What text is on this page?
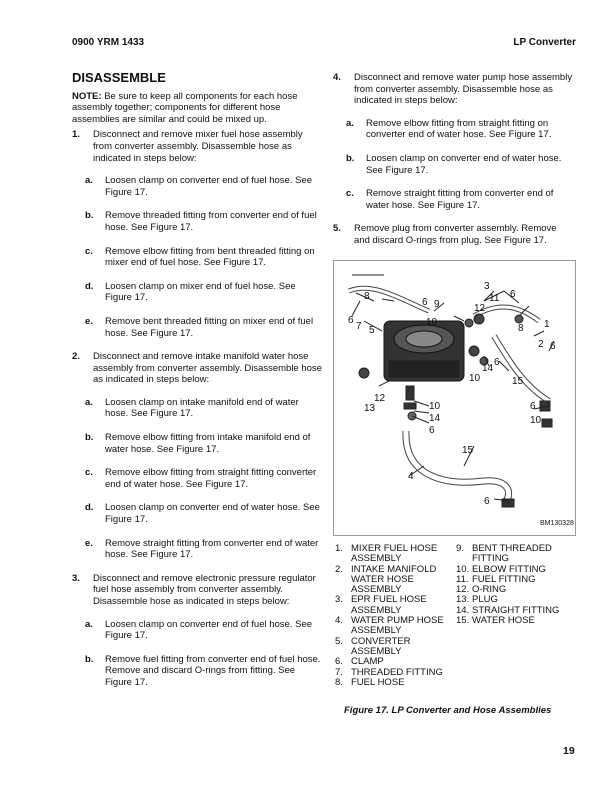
0900 YRM 1433	LP Converter
DISASSEMBLE

NOTE: Be sure to keep all components for each hose assembly together; components for different hose assemblies are similar and could be mixed up.

1. Disconnect and remove mixer fuel hose assembly from converter assembly. Disassemble hose as indicated in steps below:
a. Loosen clamp on converter end of fuel hose. See Figure 17.
b. Remove threaded fitting from converter end of fuel hose. See Figure 17.
c. Remove elbow fitting from bent threaded fitting on mixer end of fuel hose. See Figure 17.
d. Loosen clamp on mixer end of fuel hose. See Figure 17.
e. Remove bent threaded fitting on mixer end of fuel hose. See Figure 17.
2. Disconnect and remove intake manifold water hose assembly from converter assembly. Disassemble hose as indicated in steps below:
a. Loosen clamp on intake manifold end of water hose. See Figure 17.
b. Remove elbow fitting from intake manifold end of water hose. See Figure 17.
c. Remove elbow fitting from straight fitting converter end of water hose. See Figure 17.
d. Loosen clamp on converter end of water hose. See Figure 17.
e. Remove straight fitting from converter end of water hose. See Figure 17.
3. Disconnect and remove electronic pressure regulator fuel hose assembly from converter assembly. Disassemble hose as indicated in steps below:
a. Loosen clamp on converter end of fuel hose. See Figure 17.
b. Remove fuel fitting from converter end of fuel hose. Remove and discard O-rings from fitting. See Figure 17.
4. Disconnect and remove water pump hose assembly from converter assembly. Disassemble hose as indicated in steps below:
a. Remove elbow fitting from straight fitting on converter end of water hose. See Figure 17.
b. Loosen clamp on converter end of water hose. See Figure 17.
c. Remove straight fitting from converter end of water hose. See Figure 17.
5. Remove plug from converter assembly. Remove and discard O-rings from plug. See Figure 17.
8
6
7 5
6 9
10
3
11
12
6
1
8
6
2
14
6
10	15
12
13	10
14
6
6
10
15
4
6
BM130328
1. MIXER FUEL HOSE ASSEMBLY
2. INTAKE MANIFOLD WATER HOSE ASSEMBLY
3. EPR FUEL HOSE ASSEMBLY
4. WATER PUMP HOSE ASSEMBLY
5. CONVERTER ASSEMBLY
6. CLAMP
7. THREADED FITTING
8. FUEL HOSE
9. BENT THREADED FITTING
10. ELBOW FITTING
11. FUEL FITTING
12. O-RING
13. PLUG
14. STRAIGHT FITTING
15. WATER HOSE
Figure 17. LP Converter and Hose Assemblies
19
